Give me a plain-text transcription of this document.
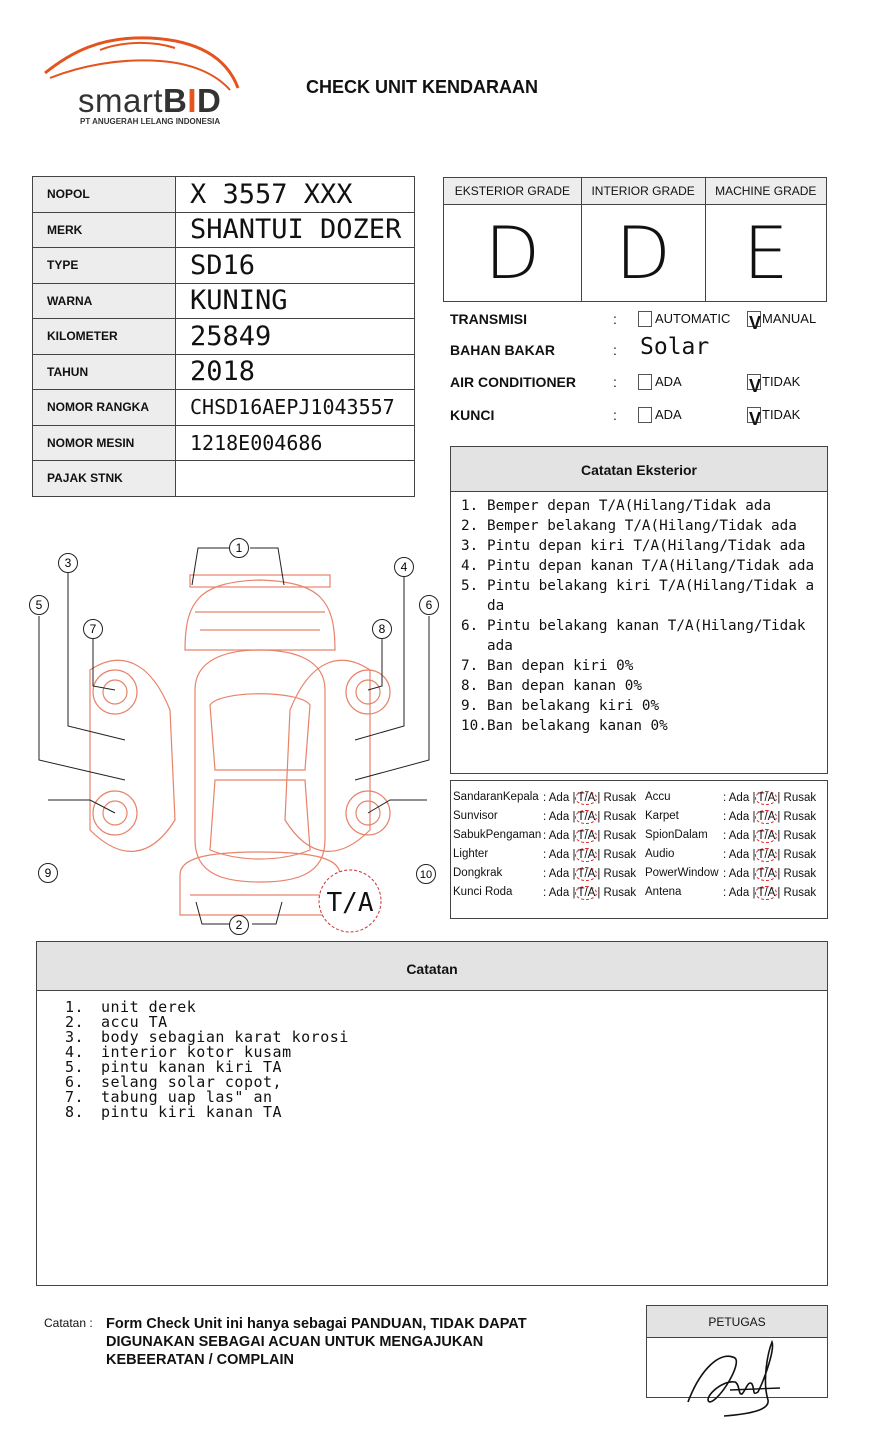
smartBID
PT ANUGERAH LELANG INDONESIA
CHECK UNIT KENDARAAN
NOPOL	X 3557 XXX
MERK	SHANTUI DOZER
TYPE	SD16
WARNA	KUNING
KILOMETER	25849
TAHUN	2018
NOMOR RANGKA	CHSD16AEPJ1043557
NOMOR MESIN	1218E004686
PAJAK STNK	
EKSTERIOR GRADE	INTERIOR GRADE	MACHINE GRADE
D	D	E
TRANSMISI	:	AUTOMATIC V MANUAL
BAHAN BAKAR	: Solar
AIR CONDITIONER	:	ADA	V TIDAK
KUNCI	:	ADA	V TIDAK
Catatan Eksterior
1. Bemper depan T/A(Hilang/Tidak ada
2. Bemper belakang T/A(Hilang/Tidak ada
3. Pintu depan kiri T/A(Hilang/Tidak ada
4. Pintu depan kanan T/A(Hilang/Tidak ada
5. Pintu belakang kiri T/A(Hilang/Tidak ada
6. Pintu belakang kanan T/A(Hilang/Tidak ada
7. Ban depan kiri 0%
8. Ban depan kanan 0%
9. Ban belakang kiri 0%
10. Ban belakang kanan 0%
SandaranKepala : Ada | T/A | Rusak
Sunvisor	: Ada | T/A | Rusak
SabukPengaman : Ada | T/A | Rusak
Lighter	: Ada | T/A | Rusak
Dongkrak	: Ada | T/A | Rusak
Kunci Roda	: Ada | T/A | Rusak
Accu	: Ada | T/A | Rusak
Karpet	: Ada | T/A | Rusak
SpionDalam : Ada | T/A | Rusak
Audio	: Ada | T/A | Rusak
PowerWindow : Ada | T/A | Rusak
Antena	: Ada | T/A | Rusak
1
2
3	4
5	6
7	8
9	10
T/A
Catatan
1.	unit derek
2.	accu TA
3.	body sebagian karat korosi
4.	interior kotor kusam
5.	pintu kanan kiri TA
6.	selang solar copot,
7.	tabung uap las" an
8.	pintu kiri kanan TA
Catatan : Form Check Unit ini hanya sebagai PANDUAN, TIDAK DAPAT DIGUNAKAN SEBAGAI ACUAN UNTUK MENGAJUKAN KEBEERATAN / COMPLAIN
PETUGAS
